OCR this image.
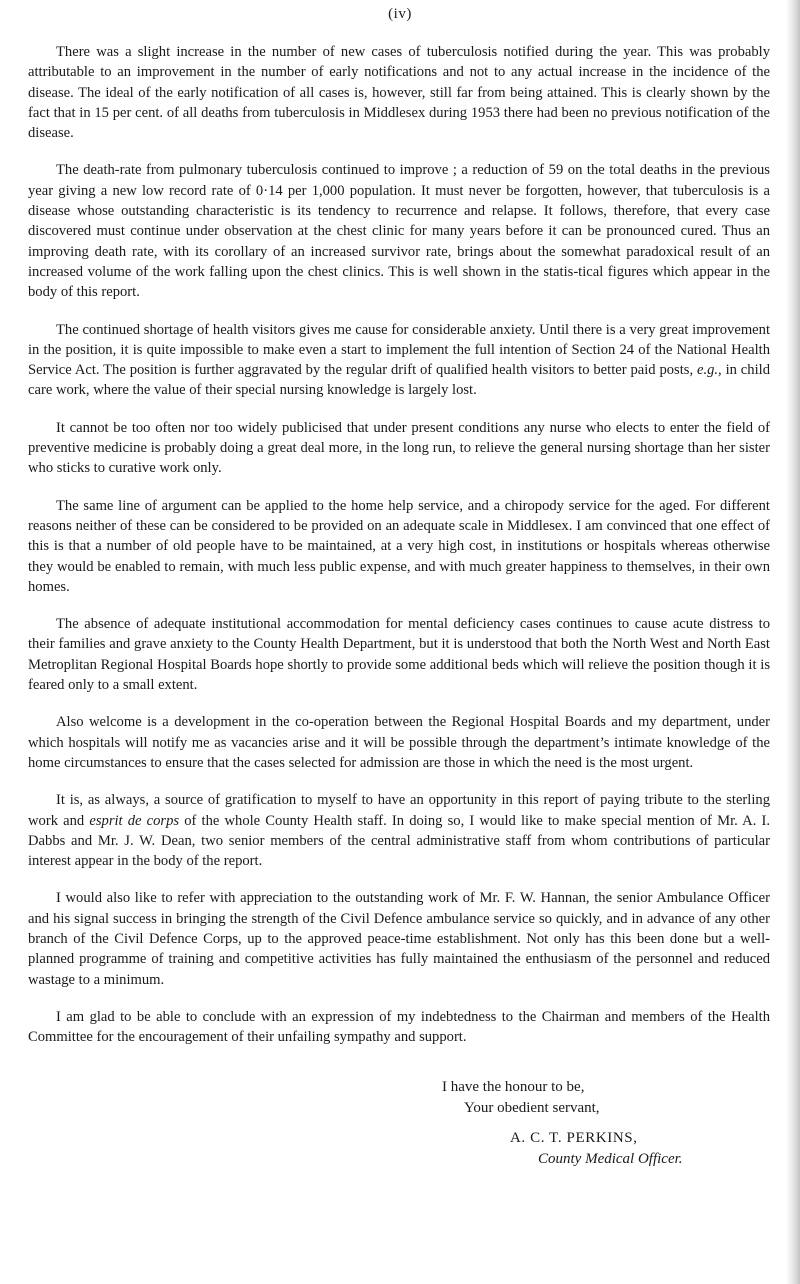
(iv)

There was a slight increase in the number of new cases of tuberculosis notified during the year. This was probably attributable to an improvement in the number of early notifications and not to any actual increase in the incidence of the disease. The ideal of the early notification of all cases is, however, still far from being attained. This is clearly shown by the fact that in 15 per cent. of all deaths from tuberculosis in Middlesex during 1953 there had been no previous notification of the disease.

The death-rate from pulmonary tuberculosis continued to improve ; a reduction of 59 on the total deaths in the previous year giving a new low record rate of 0·14 per 1,000 population. It must never be forgotten, however, that tuberculosis is a disease whose outstanding characteristic is its tendency to recurrence and relapse. It follows, therefore, that every case discovered must continue under observation at the chest clinic for many years before it can be pronounced cured. Thus an improving death rate, with its corollary of an increased survivor rate, brings about the somewhat paradoxical result of an increased volume of the work falling upon the chest clinics. This is well shown in the statis-tical figures which appear in the body of this report.

The continued shortage of health visitors gives me cause for considerable anxiety. Until there is a very great improvement in the position, it is quite impossible to make even a start to implement the full intention of Section 24 of the National Health Service Act. The position is further aggravated by the regular drift of qualified health visitors to better paid posts, e.g., in child care work, where the value of their special nursing knowledge is largely lost.

It cannot be too often nor too widely publicised that under present conditions any nurse who elects to enter the field of preventive medicine is probably doing a great deal more, in the long run, to relieve the general nursing shortage than her sister who sticks to curative work only.

The same line of argument can be applied to the home help service, and a chiropody service for the aged. For different reasons neither of these can be considered to be provided on an adequate scale in Middlesex. I am convinced that one effect of this is that a number of old people have to be maintained, at a very high cost, in institutions or hospitals whereas otherwise they would be enabled to remain, with much less public expense, and with much greater happiness to themselves, in their own homes.

The absence of adequate institutional accommodation for mental deficiency cases continues to cause acute distress to their families and grave anxiety to the County Health Department, but it is understood that both the North West and North East Metroplitan Regional Hospital Boards hope shortly to provide some additional beds which will relieve the position though it is feared only to a small extent.

Also welcome is a development in the co-operation between the Regional Hospital Boards and my department, under which hospitals will notify me as vacancies arise and it will be possible through the department’s intimate knowledge of the home circumstances to ensure that the cases selected for admission are those in which the need is the most urgent.

It is, as always, a source of gratification to myself to have an opportunity in this report of paying tribute to the sterling work and esprit de corps of the whole County Health staff. In doing so, I would like to make special mention of Mr. A. I. Dabbs and Mr. J. W. Dean, two senior members of the central administrative staff from whom contributions of particular interest appear in the body of the report.

I would also like to refer with appreciation to the outstanding work of Mr. F. W. Hannan, the senior Ambulance Officer and his signal success in bringing the strength of the Civil Defence ambulance service so quickly, and in advance of any other branch of the Civil Defence Corps, up to the approved peace-time establishment. Not only has this been done but a well-planned programme of training and competitive activities has fully maintained the enthusiasm of the personnel and reduced wastage to a minimum.

I am glad to be able to conclude with an expression of my indebtedness to the Chairman and members of the Health Committee for the encouragement of their unfailing sympathy and support.

I have the honour to be,
Your obedient servant,
A. C. T. PERKINS,
County Medical Officer.
